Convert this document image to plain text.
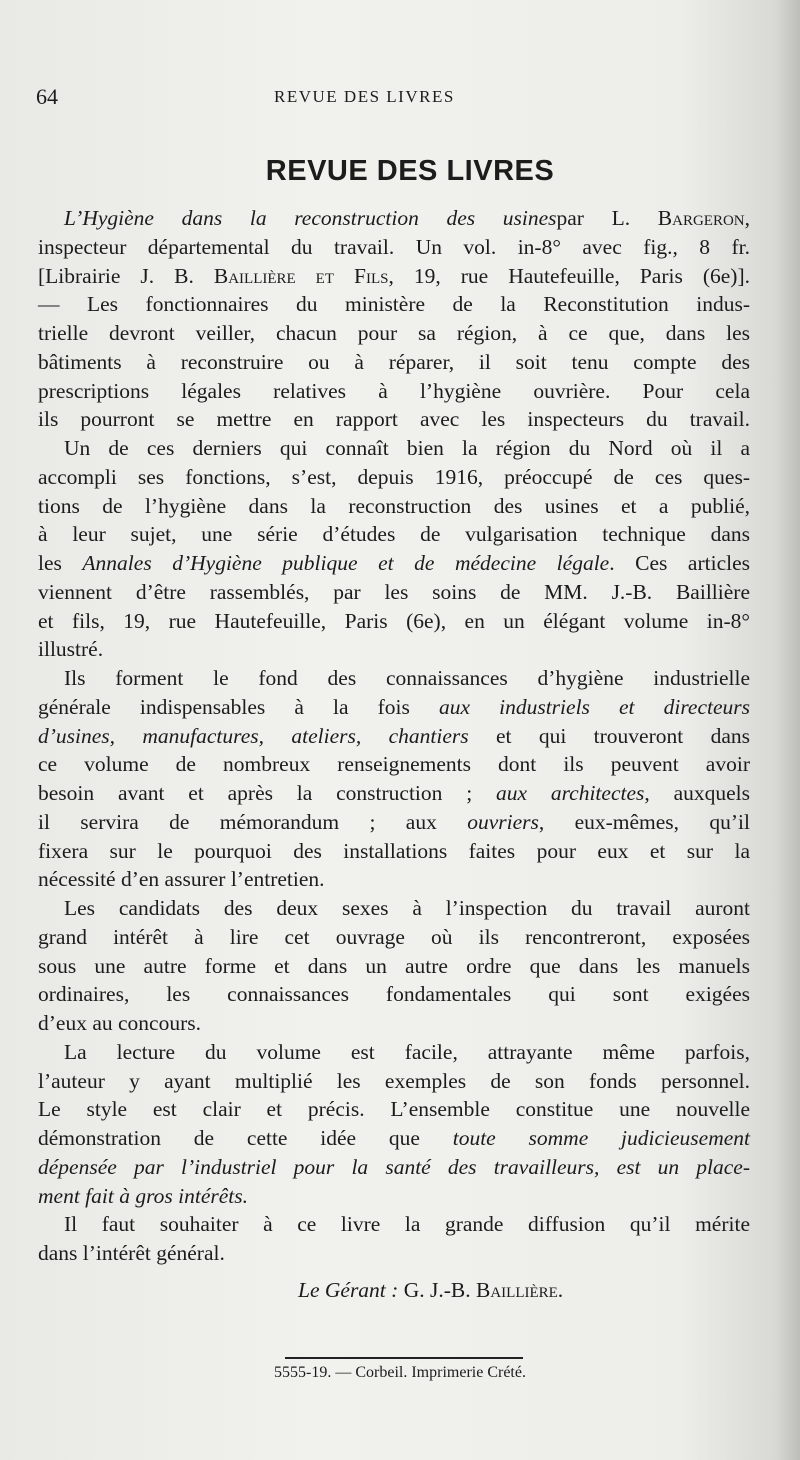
64	REVUE DES LIVRES
REVUE DES LIVRES
L’Hygiène dans la reconstruction des usinespar L. Bargeron,
inspecteur départemental du travail. Un vol. in-8° avec fig., 8 fr.
[Librairie J. B. Baillière et Fils, 19, rue Hautefeuille, Paris (6e)].
— Les fonctionnaires du ministère de la Reconstitution indus-
trielle devront veiller, chacun pour sa région, à ce que, dans les
bâtiments à reconstruire ou à réparer, il soit tenu compte des
prescriptions légales relatives à l’hygiène ouvrière. Pour cela
ils pourront se mettre en rapport avec les inspecteurs du travail.
Un de ces derniers qui connaît bien la région du Nord où il a
accompli ses fonctions, s’est, depuis 1916, préoccupé de ces ques-
tions de l’hygiène dans la reconstruction des usines et a publié,
à leur sujet, une série d’études de vulgarisation technique dans
les Annales d’Hygiène publique et de médecine légale. Ces articles
viennent d’être rassemblés, par les soins de MM. J.-B. Baillière
et fils, 19, rue Hautefeuille, Paris (6e), en un élégant volume in-8°
illustré.
Ils forment le fond des connaissances d’hygiène industrielle
générale indispensables à la fois aux industriels et directeurs
d’usines, manufactures, ateliers, chantiers et qui trouveront dans
ce volume de nombreux renseignements dont ils peuvent avoir
besoin avant et après la construction ; aux architectes, auxquels
il servira de mémorandum ; aux ouvriers, eux-mêmes, qu’il
fixera sur le pourquoi des installations faites pour eux et sur la
nécessité d’en assurer l’entretien.
Les candidats des deux sexes à l’inspection du travail auront
grand intérêt à lire cet ouvrage où ils rencontreront, exposées
sous une autre forme et dans un autre ordre que dans les manuels
ordinaires, les connaissances fondamentales qui sont exigées
d’eux au concours.
La lecture du volume est facile, attrayante même parfois,
l’auteur y ayant multiplié les exemples de son fonds personnel.
Le style est clair et précis. L’ensemble constitue une nouvelle
démonstration de cette idée que toute somme judicieusement
dépensée par l’industriel pour la santé des travailleurs, est un place-
ment fait à gros intérêts.
Il faut souhaiter à ce livre la grande diffusion qu’il mérite
dans l’intérêt général.
Le Gérant : G. J.-B. Baillière.
5555-19. — Corbeil. Imprimerie Crété.
